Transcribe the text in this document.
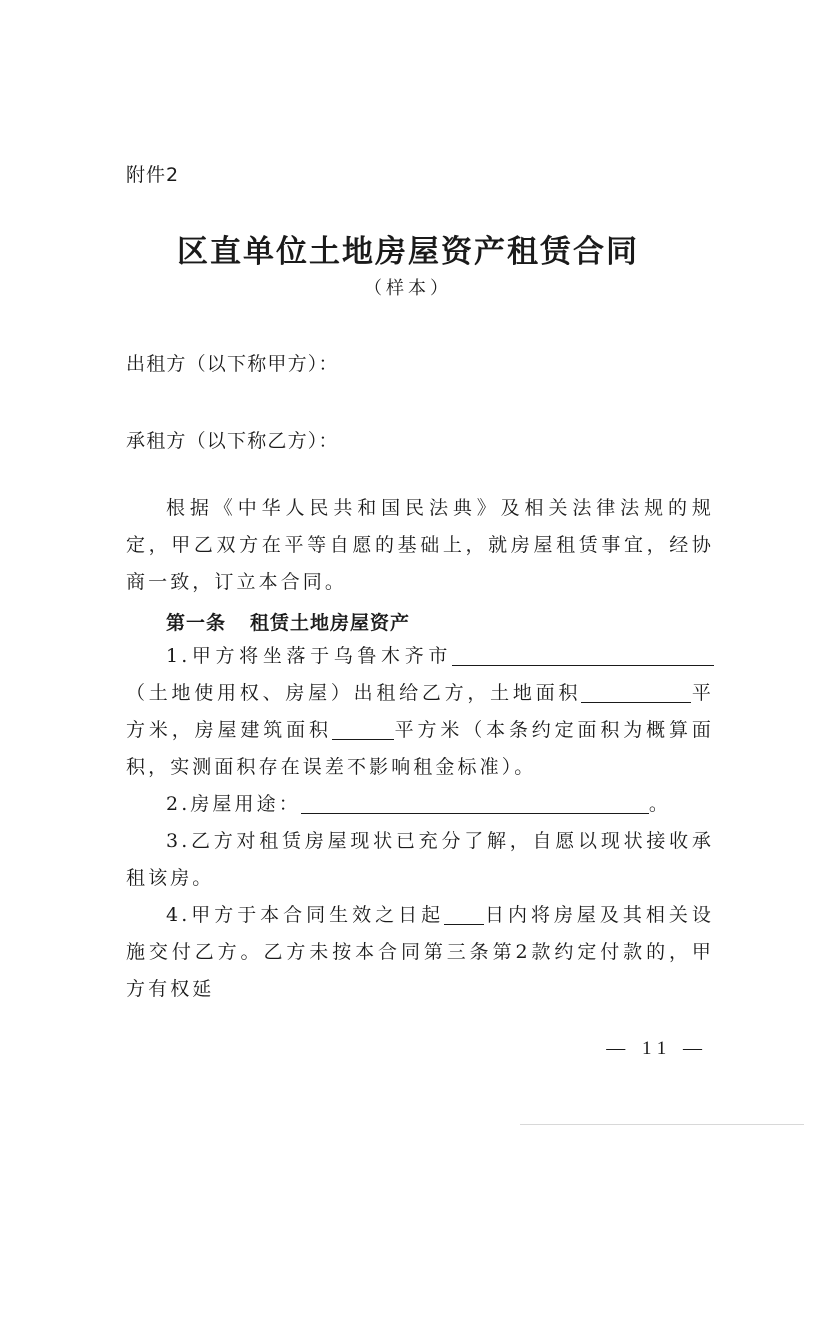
附件2
区直单位土地房屋资产租赁合同
（样本）
出租方（以下称甲方）：
承租方（以下称乙方）：
根据《中华人民共和国民法典》及相关法律法规的规定，甲乙双方在平等自愿的基础上，就房屋租赁事宜，经协商一致，订立本合同。
第一条 租赁土地房屋资产
1.甲方将坐落于乌鲁木齐市（土地使用权、房屋）出租给乙方，土地面积	平方米，房屋建筑面积	平方米（本条约定面积为概算面积，实测面积存在误差不影响租金标准）。
2.房屋用途：	。
3.乙方对租赁房屋现状已充分了解，自愿以现状接收承租该房。
4.甲方于本合同生效之日起 日内将房屋及其相关设施交付乙方。乙方未按本合同第三条第2款约定付款的，甲方有权延
— 11 —
